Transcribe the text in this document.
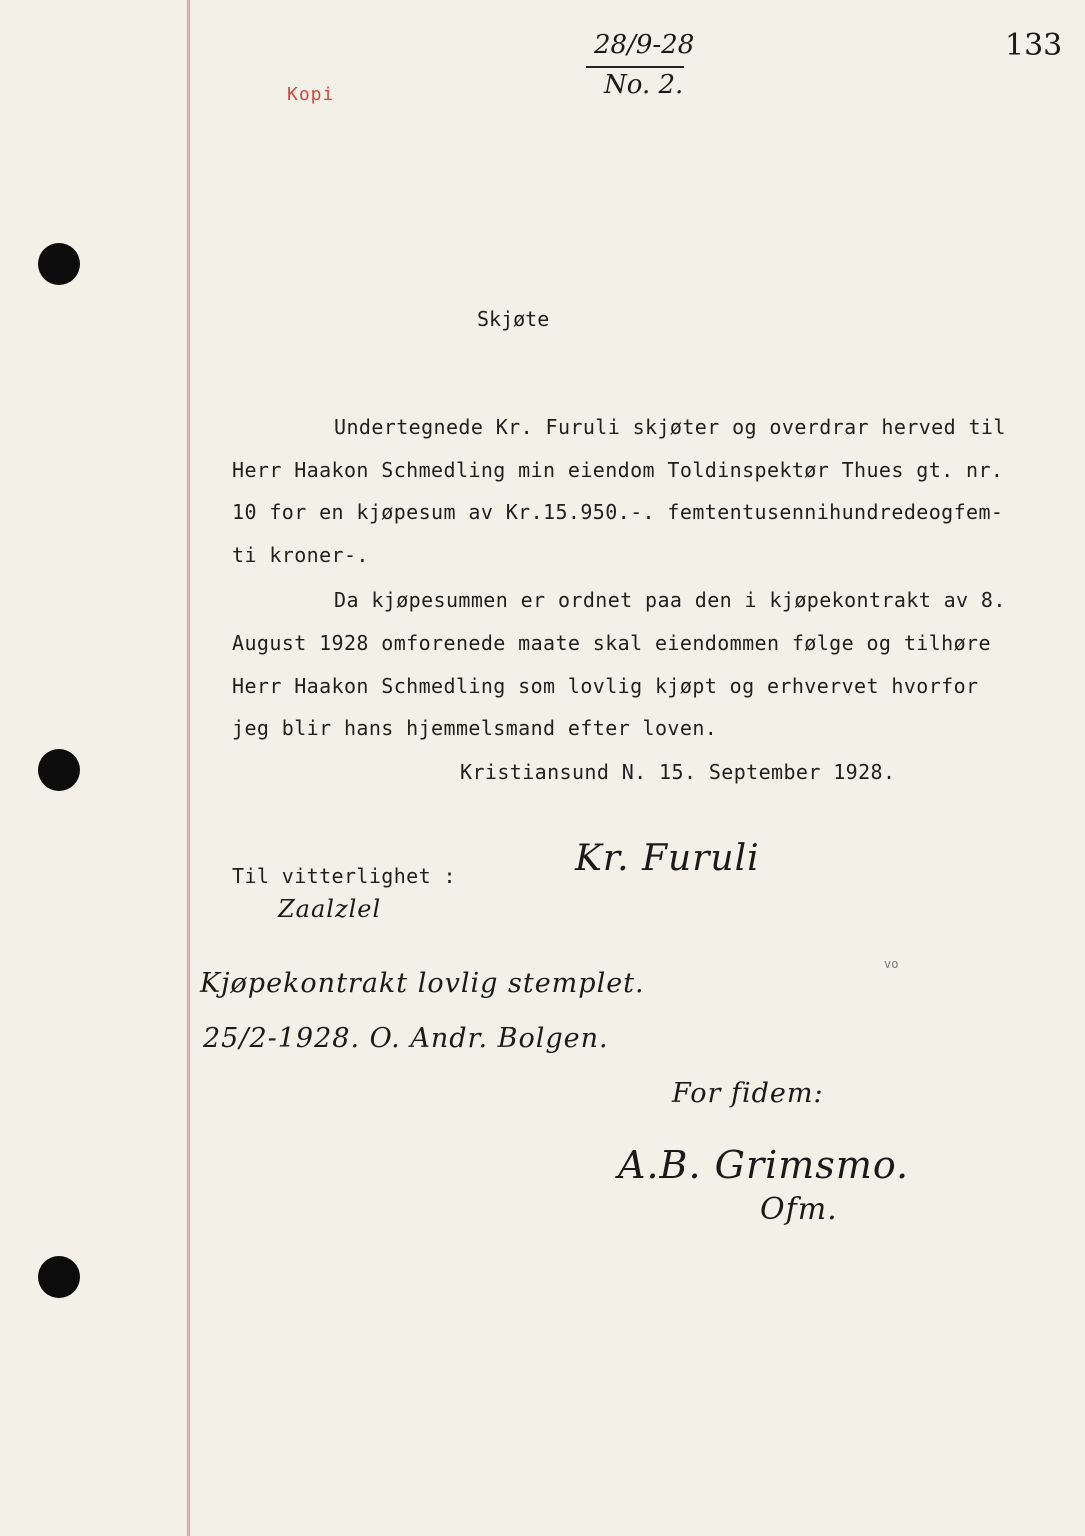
Kopi
28/9-28
No. 2.
133
Skjøte
Undertegnede Kr. Furuli skjøter og overdrar herved til
Herr Haakon Schmedling min eiendom Toldinspektør Thues gt. nr.
10 for en kjøpesum av Kr.15.950.-. femtentusennihundredeogfem-
ti kroner-.
Da kjøpesummen er ordnet paa den i kjøpekontrakt av 8.
August 1928 omforenede maate skal eiendommen følge og tilhøre
Herr Haakon Schmedling som lovlig kjøpt og erhvervet hvorfor
jeg blir hans hjemmelsmand efter loven.
Kristiansund N. 15. September 1928.
Kr. Furuli
Til vitterlighet :
Zaalzlel
vo
Kjøpekontrakt lovlig stemplet.
25/2-1928. O. Andr. Bolgen.
For fidem:
A.B. Grimsmo.
Ofm.
